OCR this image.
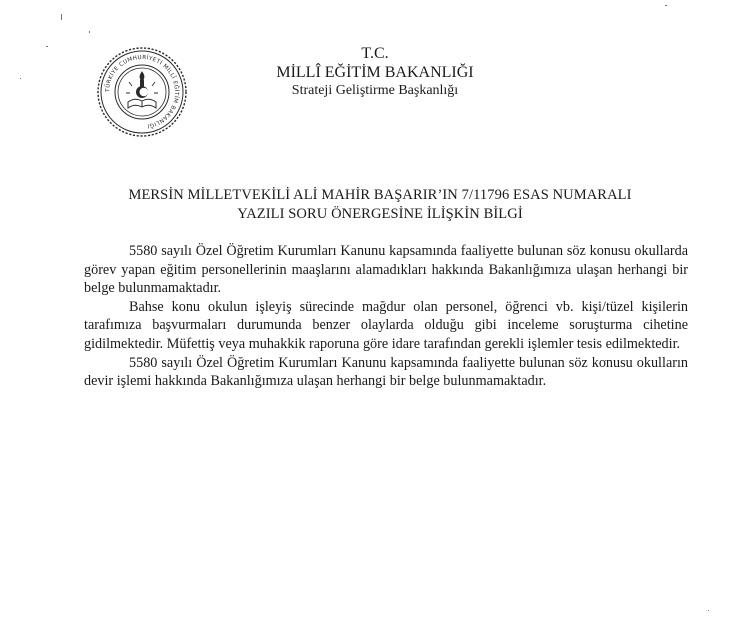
TÜRKİYE CUMHURİYETİ MİLLÎ EĞİTİM BAKANLIĞI
T.C.
MİLLÎ EĞİTİM BAKANLIĞI
Strateji Geliştirme Başkanlığı
MERSİN MİLLETVEKİLİ ALİ MAHİR BAŞARIR’IN 7/11796 ESAS NUMARALI
YAZILI SORU ÖNERGESİNE İLİŞKİN BİLGİ

5580 sayılı Özel Öğretim Kurumları Kanunu kapsamında faaliyette bulunan söz konusu okullarda görev yapan eğitim personellerinin maaşlarını alamadıkları hakkında Bakanlığımıza ulaşan herhangi bir belge bulunmamaktadır.

Bahse konu okulun işleyiş sürecinde mağdur olan personel, öğrenci vb. kişi/tüzel kişilerin tarafımıza başvurmaları durumunda benzer olaylarda olduğu gibi inceleme soruşturma cihetine gidilmektedir. Müfettiş veya muhakkik raporuna göre idare tarafından gerekli işlemler tesis edilmektedir.

5580 sayılı Özel Öğretim Kurumları Kanunu kapsamında faaliyette bulunan söz konusu okulların devir işlemi hakkında Bakanlığımıza ulaşan herhangi bir belge bulunmamaktadır.
